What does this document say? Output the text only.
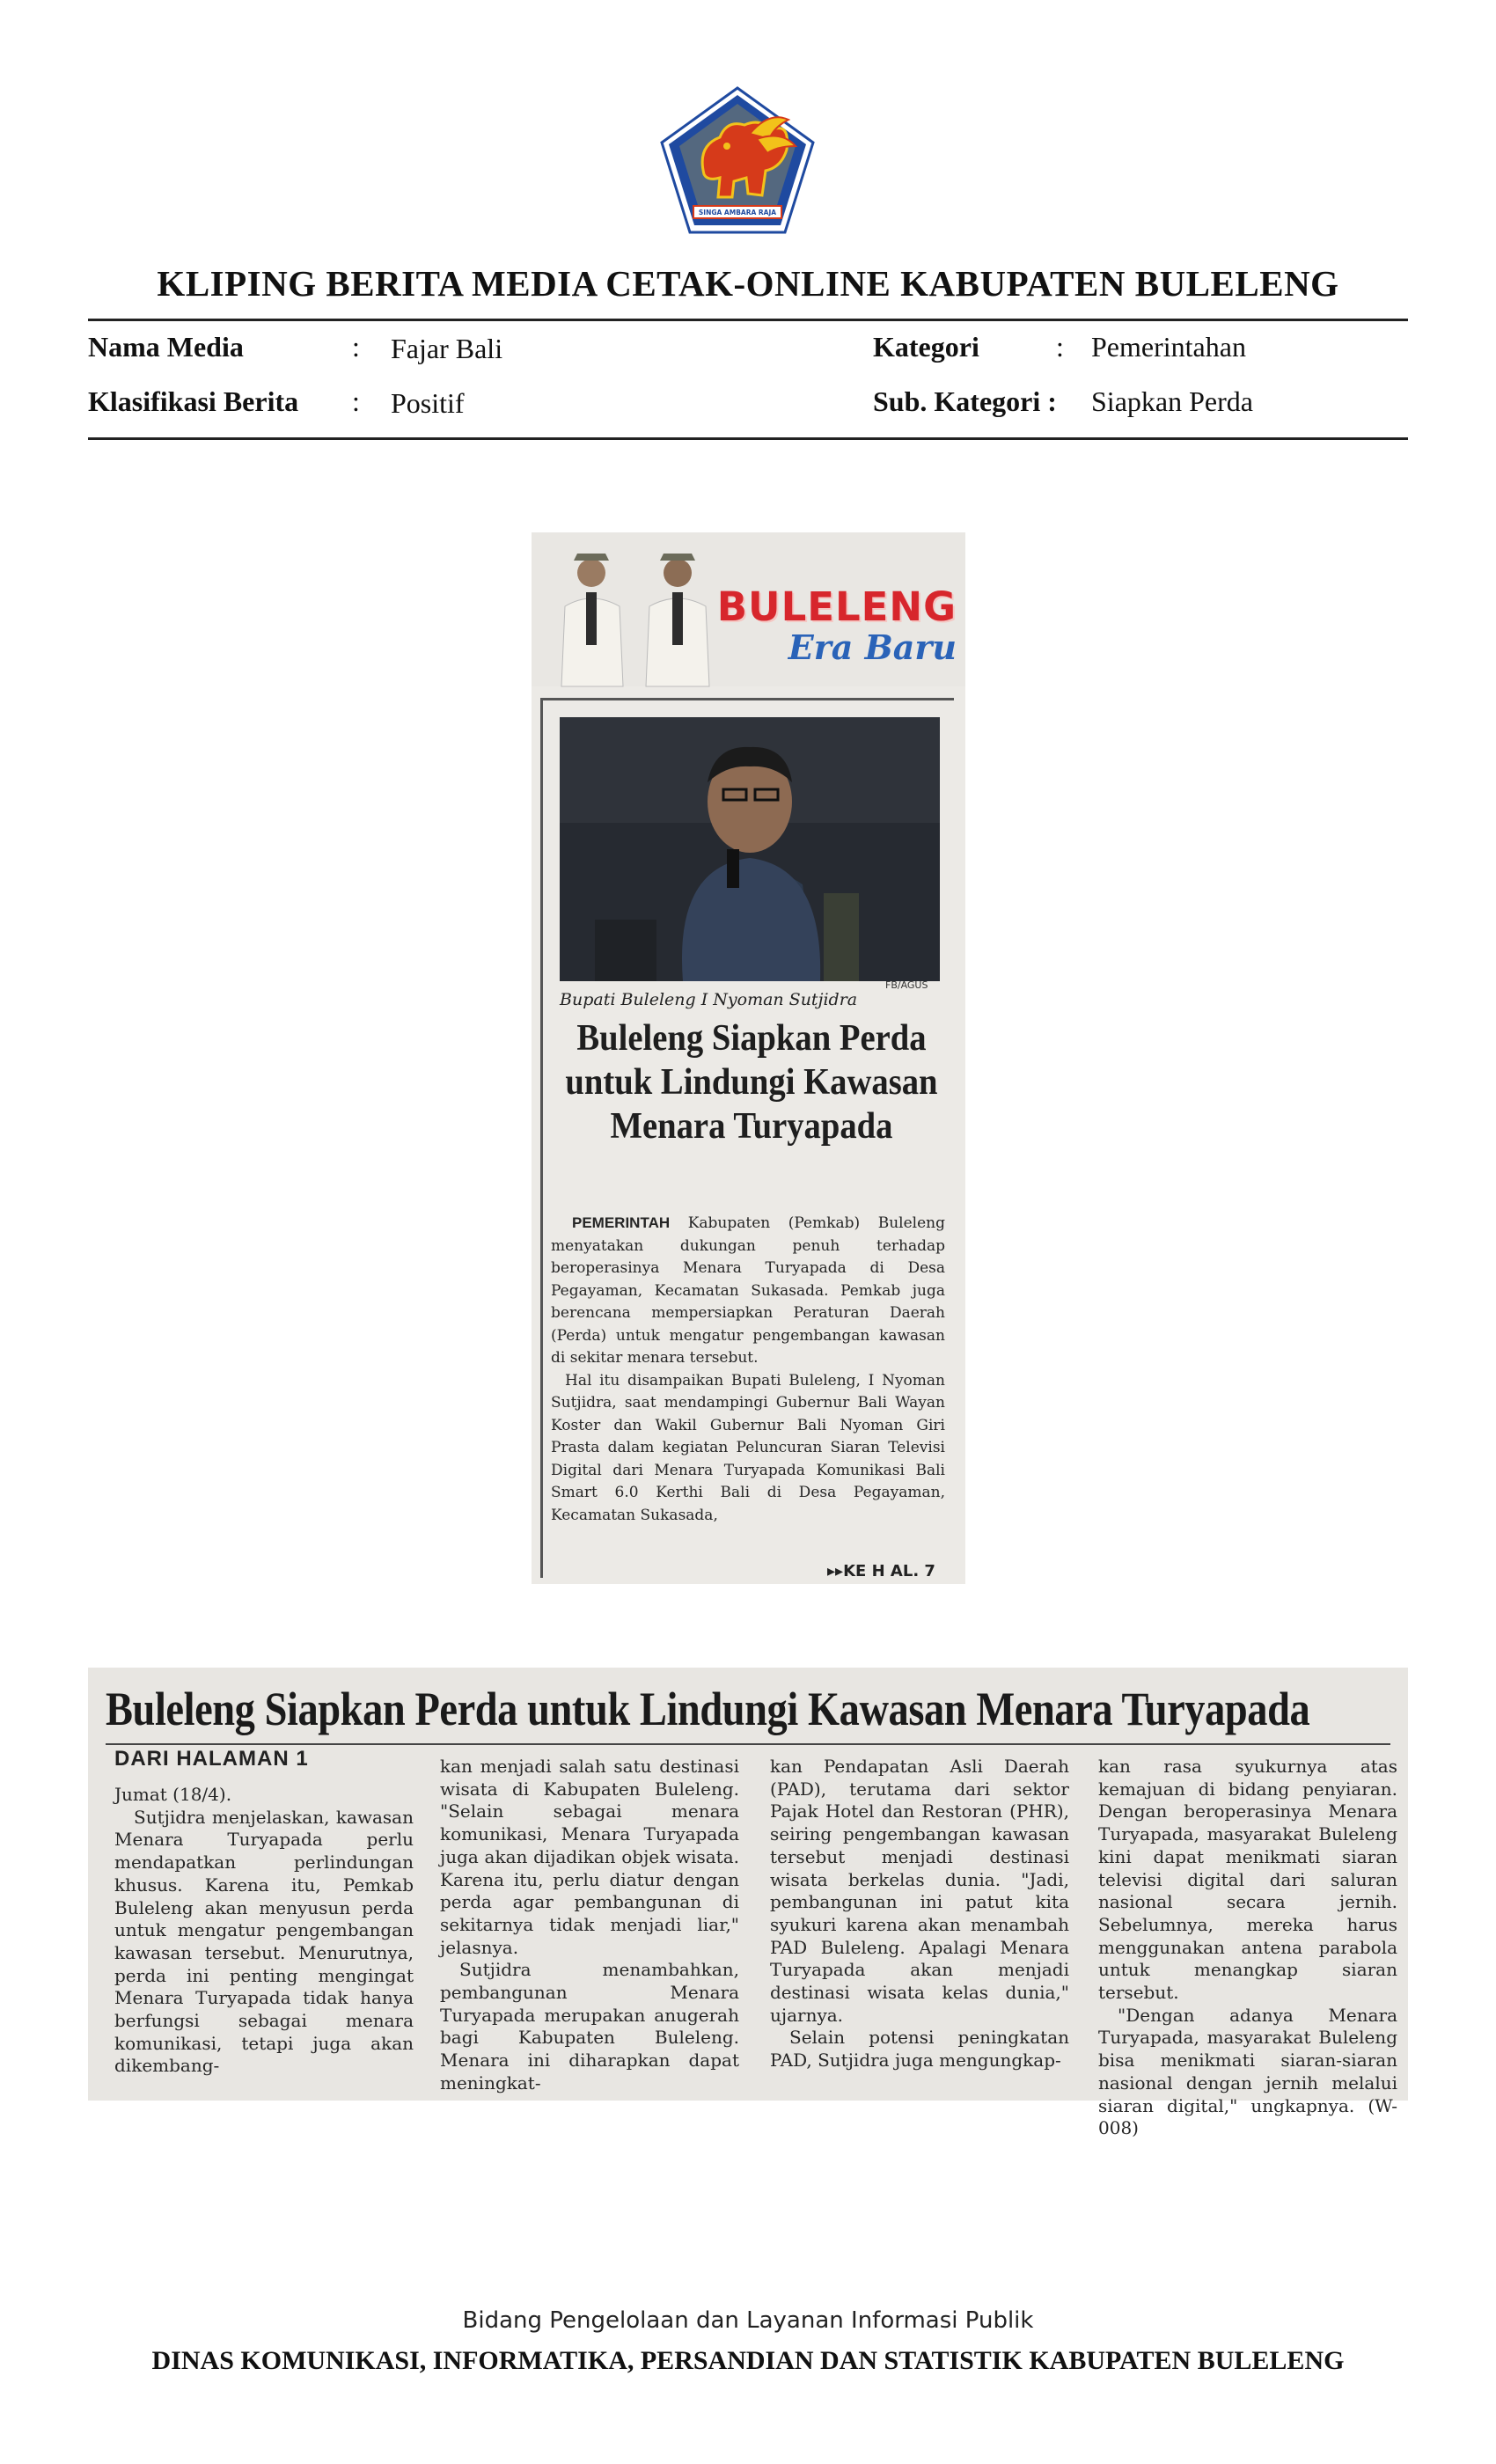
SINGA AMBARA RAJA
KLIPING BERITA MEDIA CETAK-ONLINE KABUPATEN BULELENG
Nama Media	: Fajar Bali	Kategori	: Pemerintahan
Klasifikasi Berita : Positif	Sub. Kategori : Siapkan Perda
BULELENG
Era Baru
FB/AGUS
Bupati Buleleng I Nyoman Sutjidra
Buleleng Siapkan Perda untuk Lindungi Kawasan Menara Turyapada

PEMERINTAH Kabupaten (Pemkab) Buleleng menyatakan dukungan penuh terhadap beroperasinya Menara Turyapada di Desa Pegayaman, Kecamatan Sukasada. Pemkab juga berencana mempersiapkan Peraturan Daerah (Perda) untuk mengatur pengembangan kawasan di sekitar menara tersebut.

Hal itu disampaikan Bupati Buleleng, I Nyoman Sutjidra, saat mendampingi Gubernur Bali Wayan Koster dan Wakil Gubernur Bali Nyoman Giri Prasta dalam kegiatan Peluncuran Siaran Televisi Digital dari Menara Turyapada Komunikasi Bali Smart 6.0 Kerthi Bali di Desa Pegayaman, Kecamatan Sukasada,

▸▸KE H AL. 7
Buleleng Siapkan Perda untuk Lindungi Kawasan Menara Turyapada
DARI HALAMAN 1

Jumat (18/4).

Sutjidra menjelaskan, kawasan Menara Turyapada perlu mendapatkan perlindungan khusus. Karena itu, Pemkab Buleleng akan menyusun perda untuk mengatur pengembangan kawasan tersebut. Menurutnya, perda ini penting mengingat Menara Turyapada tidak hanya berfungsi sebagai menara komunikasi, tetapi juga akan dikembang-

kan menjadi salah satu destinasi wisata di Kabupaten Buleleng. "Selain sebagai menara komunikasi, Menara Turyapada juga akan dijadikan objek wisata. Karena itu, perlu diatur dengan perda agar pembangunan di sekitarnya tidak menjadi liar," jelasnya.

Sutjidra menambahkan, pembangunan Menara Turyapada merupakan anugerah bagi Kabupaten Buleleng. Menara ini diharapkan dapat meningkat-

kan Pendapatan Asli Daerah (PAD), terutama dari sektor Pajak Hotel dan Restoran (PHR), seiring pengembangan kawasan tersebut menjadi destinasi wisata berkelas dunia. "Jadi, pembangunan ini patut kita syukuri karena akan menambah PAD Buleleng. Apalagi Menara Turyapada akan menjadi destinasi wisata kelas dunia," ujarnya.

Selain potensi peningkatan PAD, Sutjidra juga mengungkap-

kan rasa syukurnya atas kemajuan di bidang penyiaran. Dengan beroperasinya Menara Turyapada, masyarakat Buleleng kini dapat menikmati siaran televisi digital dari saluran nasional secara jernih. Sebelumnya, mereka harus menggunakan antena parabola untuk menangkap siaran tersebut.

"Dengan adanya Menara Turyapada, masyarakat Buleleng bisa menikmati siaran-siaran nasional dengan jernih melalui siaran digital," ungkapnya. (W-008)

Bidang Pengelolaan dan Layanan Informasi Publik
DINAS KOMUNIKASI, INFORMATIKA, PERSANDIAN DAN STATISTIK KABUPATEN BULELENG
